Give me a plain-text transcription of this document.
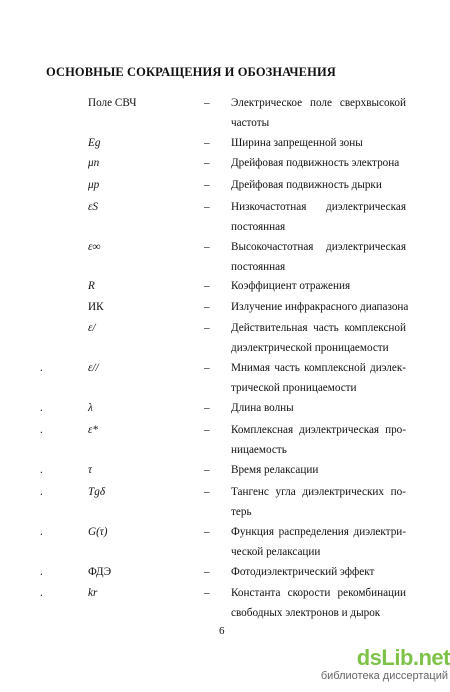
ОСНОВНЫЕ СОКРАЩЕНИЯ И ОБОЗНАЧЕНИЯ
Поле СВЧ	– Электрическое поле сверхвысокой
частоты
Eg	– Ширина запрещенной зоны
μn	– Дрейфовая подвижность электрона
μp	– Дрейфовая подвижность дырки
εS	– Низкочастотная диэлектрическая
постоянная
ε∞	– Высокочастотная диэлектрическая
постоянная
R	– Коэффициент отражения
ИК	– Излучение инфракрасного диапазона
ε/	– Действительная часть комплексной
диэлектрической проницаемости
.	ε//	– Мнимая часть комплексной диэлек-
трической проницаемости
.	λ	– Длина волны
.	ε*	– Комплексная диэлектрическая про-
ницаемость
.	τ	– Время релаксации
.	Tgδ	– Тангенс угла диэлектрических по-
терь
.	G(τ)	– Функция распределения диэлектри-
ческой релаксации
.	ФДЭ	– Фотодиэлектрический эффект
.	kr	– Константа скорости рекомбинации
свободных электронов и дырок
6
dsLib.net
библиотека диссертаций
